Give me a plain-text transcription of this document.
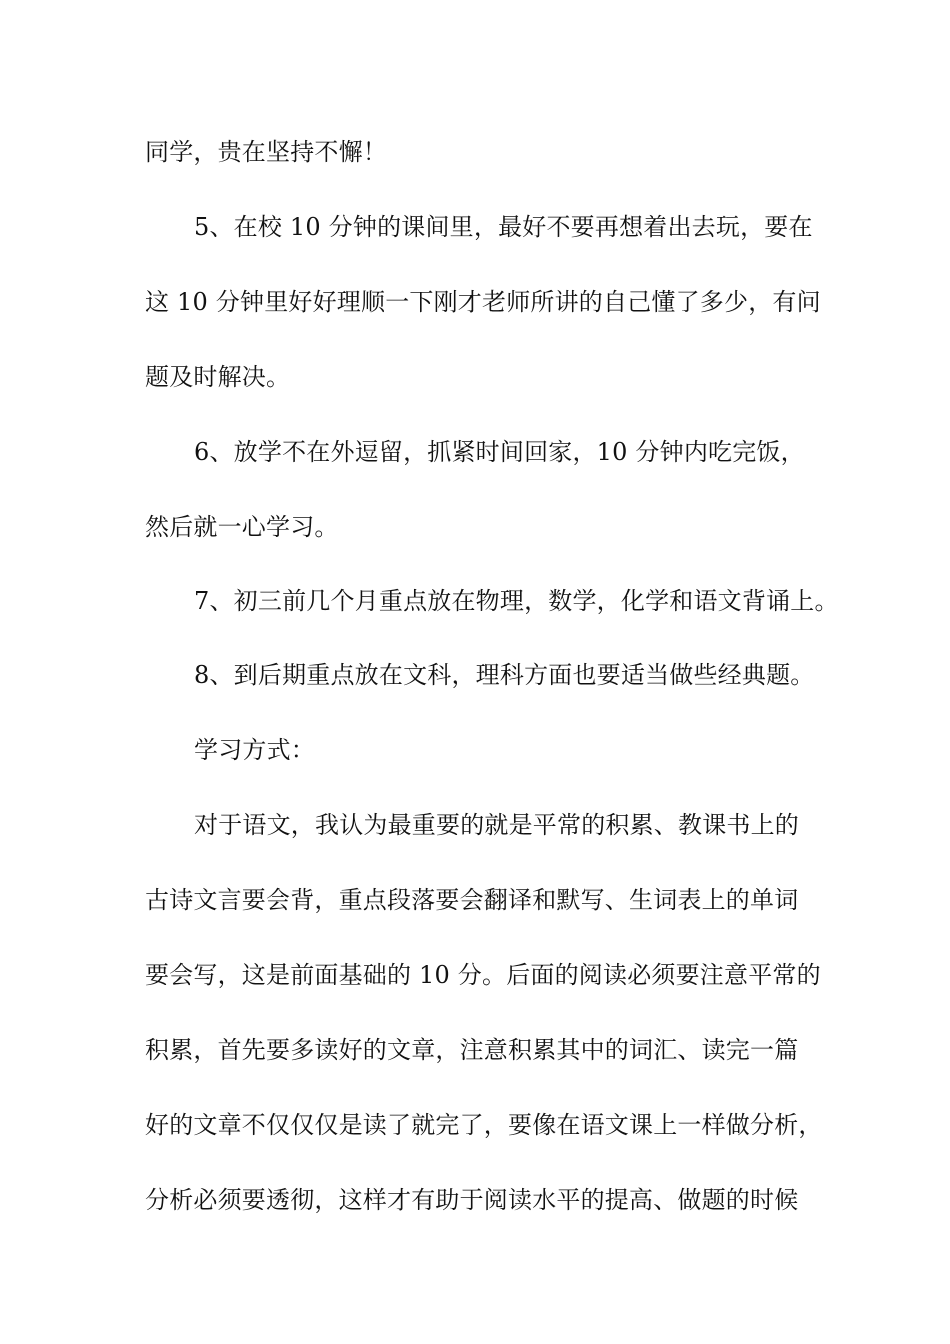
同学，贵在坚持不懈！
5、在校 10 分钟的课间里，最好不要再想着出去玩，要在
这 10 分钟里好好理顺一下刚才老师所讲的自己懂了多少，有问
题及时解决。
6、放学不在外逗留，抓紧时间回家，10 分钟内吃完饭，
然后就一心学习。
7、初三前几个月重点放在物理，数学，化学和语文背诵上。
8、到后期重点放在文科，理科方面也要适当做些经典题。
学习方式：
对于语文，我认为最重要的就是平常的积累、教课书上的
古诗文言要会背，重点段落要会翻译和默写、生词表上的单词
要会写，这是前面基础的 10 分。后面的阅读必须要注意平常的
积累，首先要多读好的文章，注意积累其中的词汇、读完一篇
好的文章不仅仅仅是读了就完了，要像在语文课上一样做分析，
分析必须要透彻，这样才有助于阅读水平的提高、做题的时候
